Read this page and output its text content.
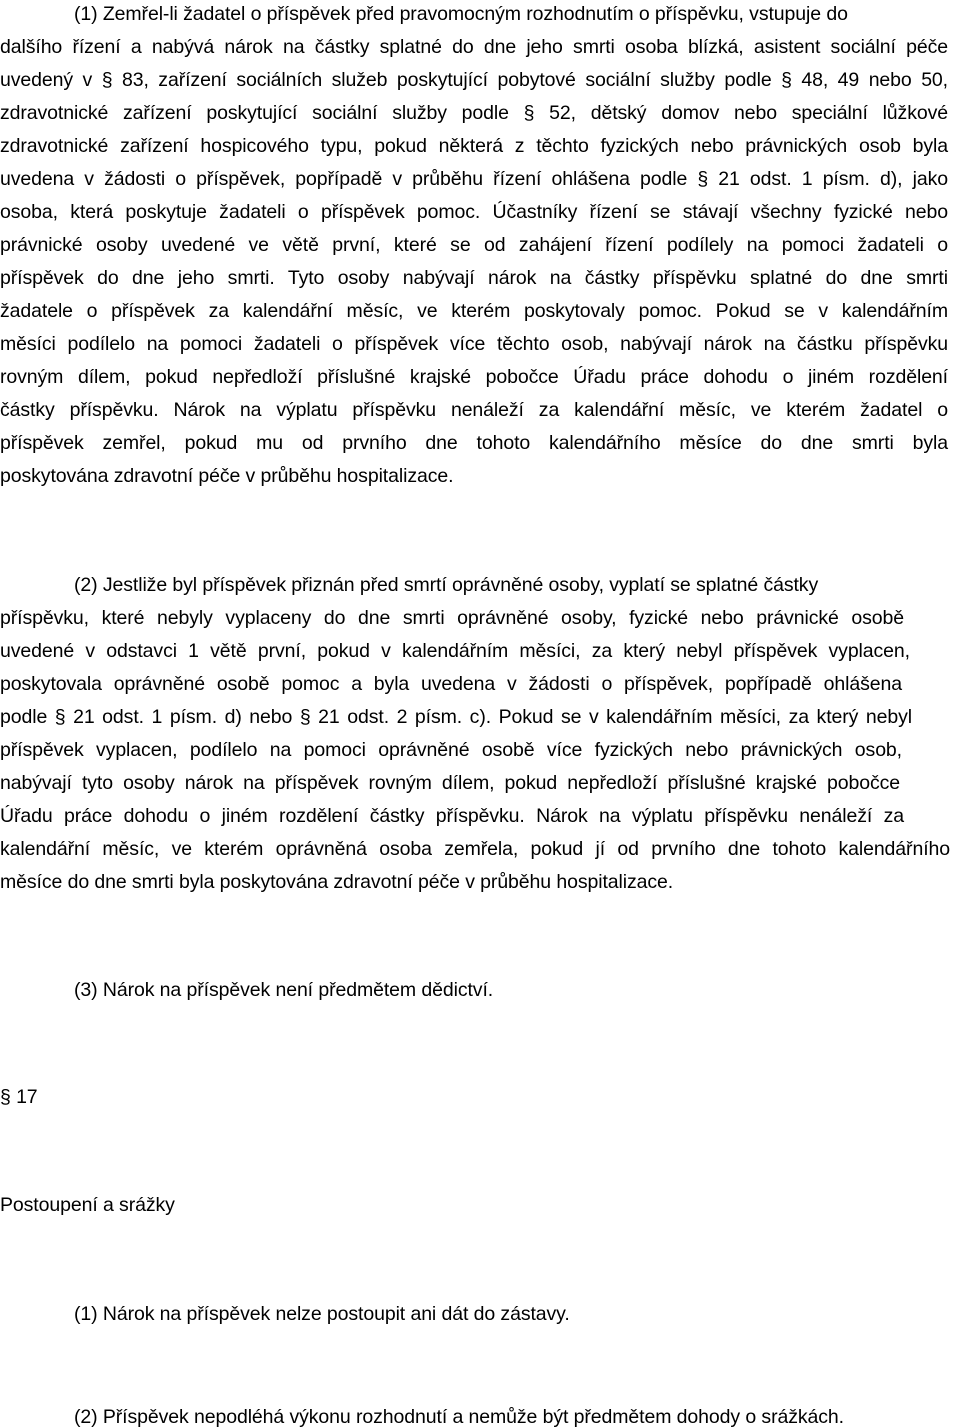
(1) Zemřel-li žadatel o příspěvek před pravomocným rozhodnutím o příspěvku, vstupuje do
dalšího řízení a nabývá nárok na částky splatné do dne jeho smrti osoba blízká, asistent sociální péče
uvedený v § 83, zařízení sociálních služeb poskytující pobytové sociální služby podle § 48, 49 nebo 50,
zdravotnické zařízení poskytující sociální služby podle § 52, dětský domov nebo speciální lůžkové
zdravotnické zařízení hospicového typu, pokud některá z těchto fyzických nebo právnických osob byla
uvedena v žádosti o příspěvek, popřípadě v průběhu řízení ohlášena podle § 21 odst. 1 písm. d), jako
osoba, která poskytuje žadateli o příspěvek pomoc. Účastníky řízení se stávají všechny fyzické nebo
právnické osoby uvedené ve větě první, které se od zahájení řízení podílely na pomoci žadateli o
příspěvek do dne jeho smrti. Tyto osoby nabývají nárok na částky příspěvku splatné do dne smrti
žadatele o příspěvek za kalendářní měsíc, ve kterém poskytovaly pomoc. Pokud se v kalendářním
měsíci podílelo na pomoci žadateli o příspěvek více těchto osob, nabývají nárok na částku příspěvku
rovným dílem, pokud nepředloží příslušné krajské pobočce Úřadu práce dohodu o jiném rozdělení
částky příspěvku. Nárok na výplatu příspěvku nenáleží za kalendářní měsíc, ve kterém žadatel o
příspěvek zemřel, pokud mu od prvního dne tohoto kalendářního měsíce do dne smrti byla
poskytována zdravotní péče v průběhu hospitalizace.
(2) Jestliže byl příspěvek přiznán před smrtí oprávněné osoby, vyplatí se splatné částky
příspěvku, které nebyly vyplaceny do dne smrti oprávněné osoby, fyzické nebo právnické osobě
uvedené v odstavci 1 větě první, pokud v kalendářním měsíci, za který nebyl příspěvek vyplacen,
poskytovala oprávněné osobě pomoc a byla uvedena v žádosti o příspěvek, popřípadě ohlášena
podle § 21 odst. 1 písm. d) nebo § 21 odst. 2 písm. c). Pokud se v kalendářním měsíci, za který nebyl
příspěvek vyplacen, podílelo na pomoci oprávněné osobě více fyzických nebo právnických osob,
nabývají tyto osoby nárok na příspěvek rovným dílem, pokud nepředloží příslušné krajské pobočce
Úřadu práce dohodu o jiném rozdělení částky příspěvku. Nárok na výplatu příspěvku nenáleží za
kalendářní měsíc, ve kterém oprávněná osoba zemřela, pokud jí od prvního dne tohoto kalendářního
měsíce do dne smrti byla poskytována zdravotní péče v průběhu hospitalizace.
(3) Nárok na příspěvek není předmětem dědictví.
§ 17
Postoupení a srážky
(1) Nárok na příspěvek nelze postoupit ani dát do zástavy.
(2) Příspěvek nepodléhá výkonu rozhodnutí a nemůže být předmětem dohody o srážkách.
